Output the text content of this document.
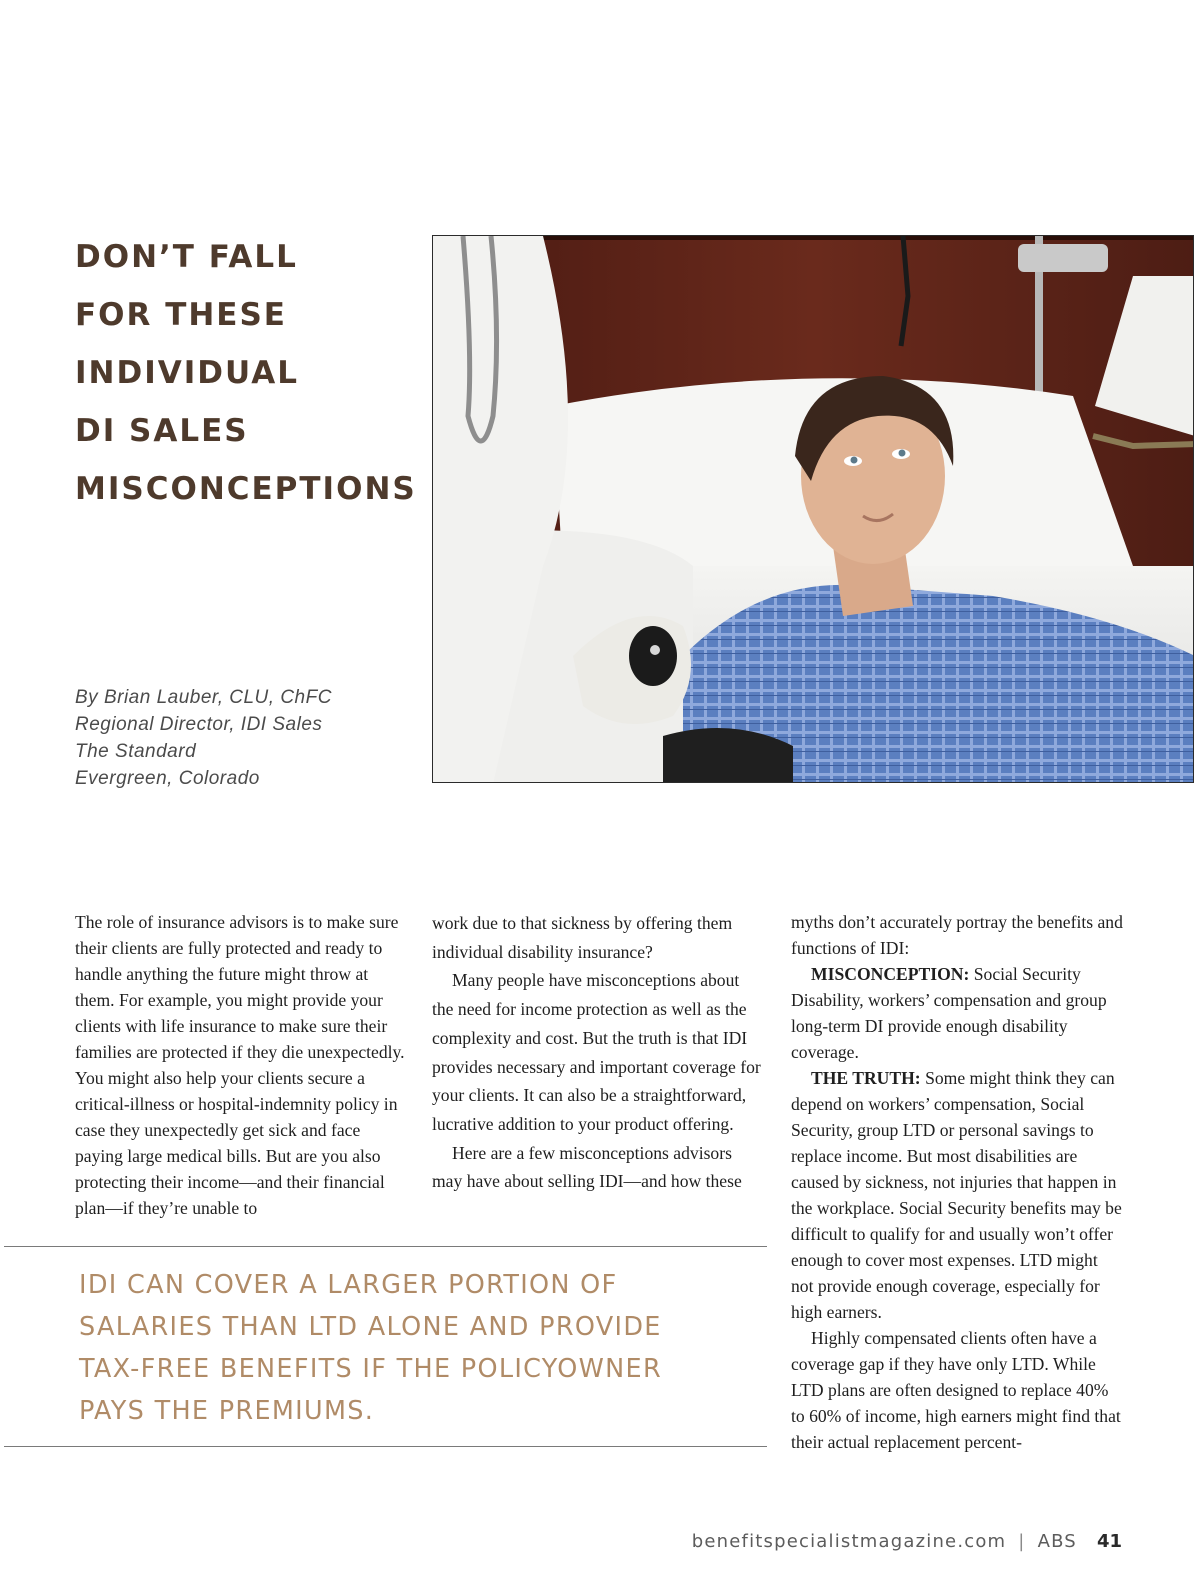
DON’T FALL
FOR THESE
INDIVIDUAL
DI SALES
MISCONCEPTIONS
By Brian Lauber, CLU, ChFC
Regional Director, IDI Sales
The Standard
Evergreen, Colorado

The role of insurance advisors is to make sure their clients are fully protected and ready to handle anything the future might throw at them. For example, you might provide your clients with life insurance to make sure their families are protected if they die unexpectedly. You might also help your clients secure a critical-illness or hospital-indemnity policy in case they unexpectedly get sick and face paying large medical bills. But are you also protecting their income—and their financial plan—if they’re unable to

work due to that sickness by offering them individual disability insurance?

Many people have misconceptions about the need for income protection as well as the complexity and cost. But the truth is that IDI provides necessary and important coverage for your clients. It can also be a straightforward, lucrative addition to your product offering.

Here are a few misconceptions advisors may have about selling IDI—and how these

myths don’t accurately portray the benefits and functions of IDI:

MISCONCEPTION: Social Security Disability, workers’ compensation and group long-term DI provide enough disability coverage.

THE TRUTH: Some might think they can depend on workers’ compensation, Social Security, group LTD or personal savings to replace income. But most disabilities are caused by sickness, not injuries that happen in the workplace. Social Security benefits may be difficult to qualify for and usually won’t offer enough to cover most expenses. LTD might not provide enough coverage, especially for high earners.

Highly compensated clients often have a coverage gap if they have only LTD. While LTD plans are often designed to replace 40% to 60% of income, high earners might find that their actual replacement percent-

IDI CAN COVER A LARGER PORTION OF
SALARIES THAN LTD ALONE AND PROVIDE
TAX-FREE BENEFITS IF THE POLICYOWNER
PAYS THE PREMIUMS.
benefitspecialistmagazine.com | ABS 41
